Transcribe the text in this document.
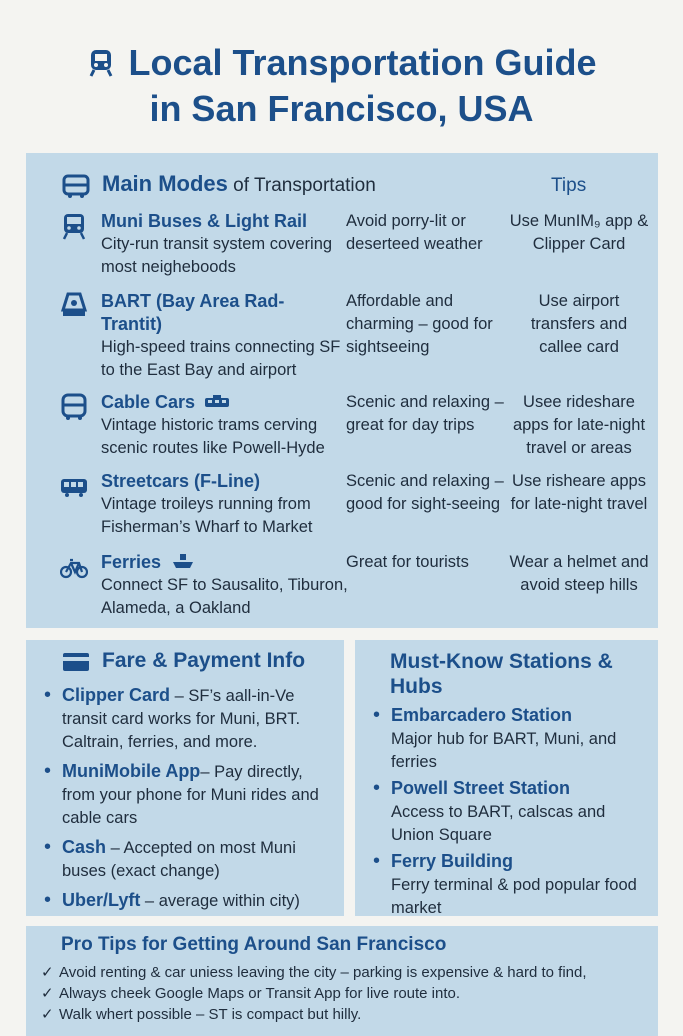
Local Transportation Guide
in San Francisco, USA
Main Modes of Transportation	Tips
Muni Buses & Light Rail
City-run transit system covering most neigheboods
Avoid porry-lit or deserteed weather
Use MunIM₉ app & Clipper Card
BART (Bay Area Rad-Trantit)
High-speed trains connecting SF to the East Bay and airport
Affordable and charming – good for sightseeing
Use airport transfers and callee card
Cable Cars
Vintage historic trams cerving scenic routes like Powell-Hyde
Scenic and relaxing – great for day trips
Usee rideshare apps for late-night travel or areas
Streetcars (F-Line)
Vintage troileys running from Fisherman’s Wharf to Market
Scenic and relaxing –good for sight-seeing
Use risheare apps for late-night travel
Ferries
Connect SF to Sausalito, Tiburon, Alameda, a Oakland
Great for tourists	Wear a helmet and avoid steep hills
Fare & Payment Info
• Clipper Card – SF’s aall-in-Ve transit card works for Muni, BRT. Caltrain, ferries, and more.
• MuniMobile App– Pay directly, from your phone for Muni rides and cable cars
• Cash – Accepted on most Muni buses (exact change)
• Uber/Lyft – average within city)
Must-Know Stations & Hubs
• Embarcadero Station
Major hub for BART, Muni, and ferries
• Powell Street Station
Access to BART, calscas and Union Square
• Ferry Building
Ferry terminal & pod popular food market
Pro Tips for Getting Around San Francisco
✓ Avoid renting & car uniess leaving the city – parking is expensive & hard to find,
✓ Always cheek Google Maps or Transit App for live route into.
✓ Walk whert possible – ST is compact but hilly.
